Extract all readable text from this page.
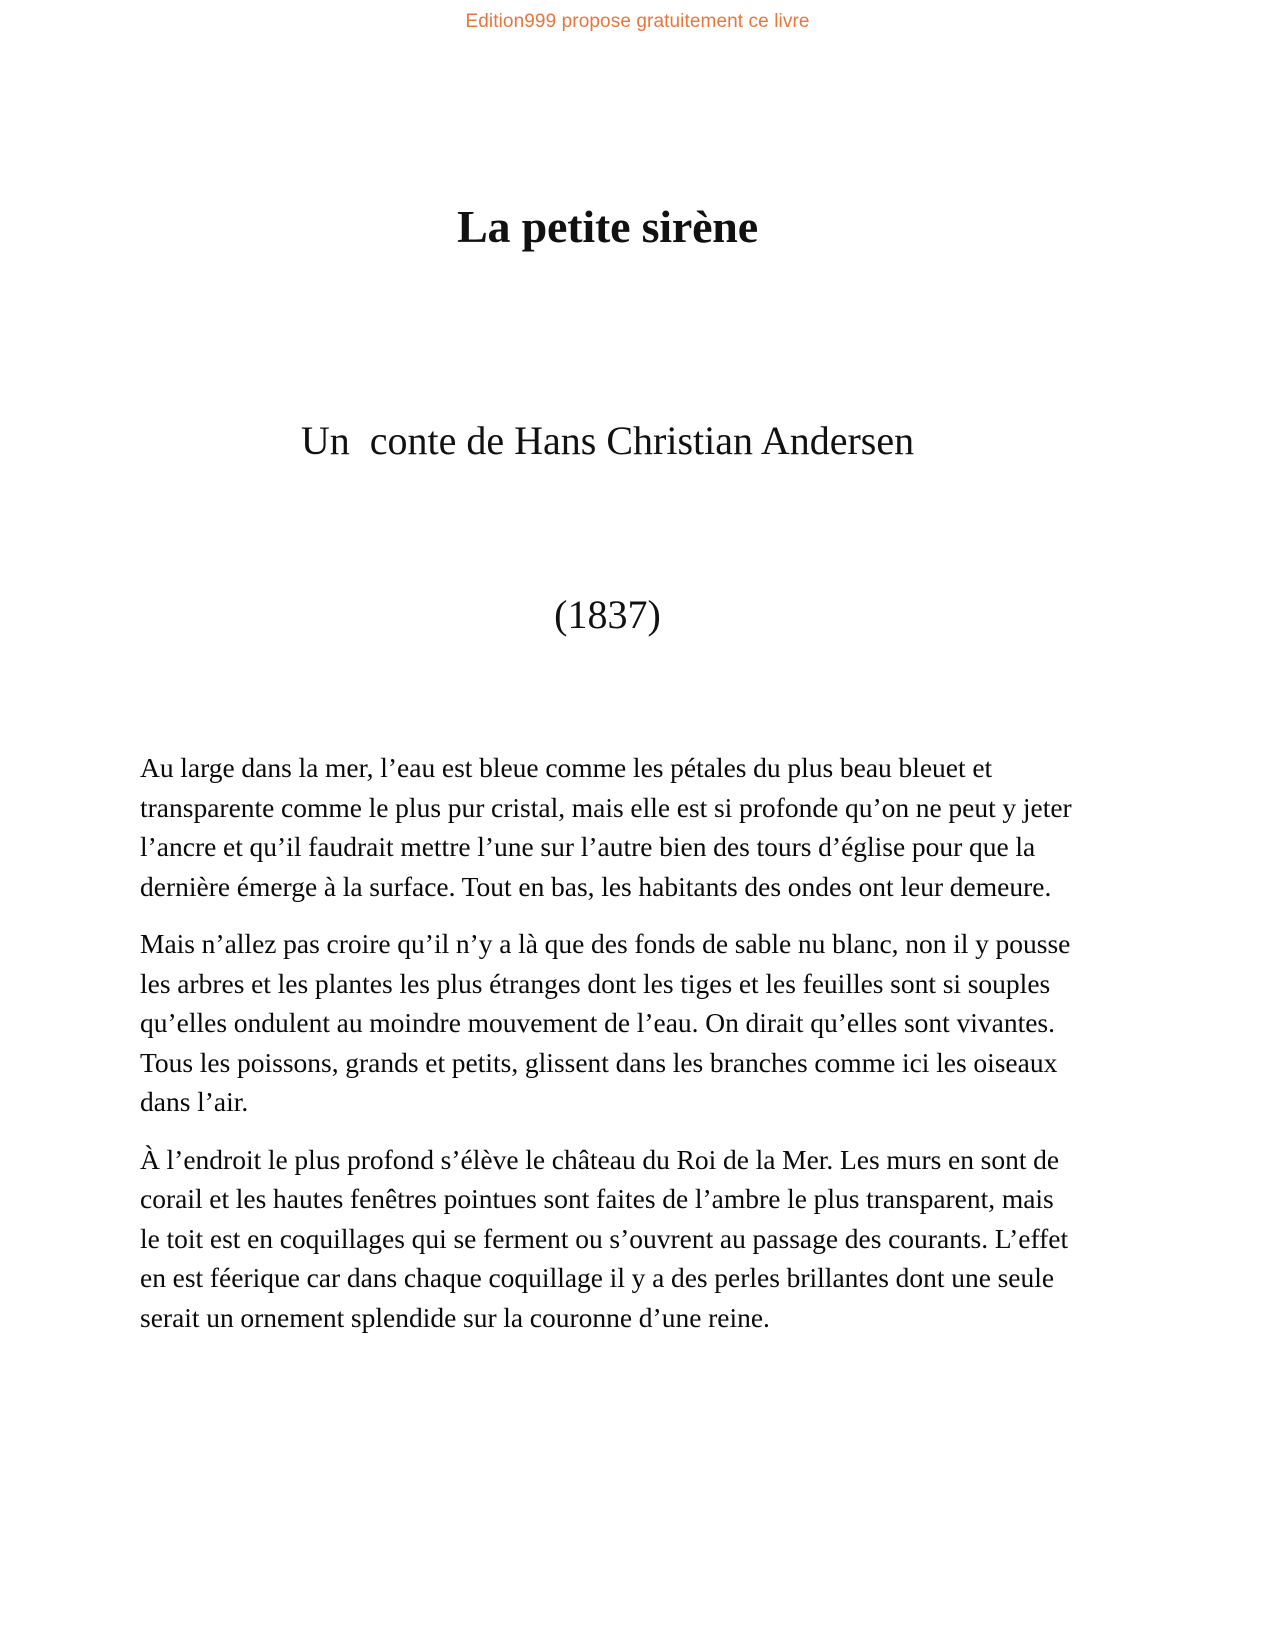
Edition999 propose gratuitement ce livre
La petite sirène

Un  conte de Hans Christian Andersen

(1837)

Au large dans la mer, l’eau est bleue comme les pétales du plus beau bleuet et transparente comme le plus pur cristal, mais elle est si profonde qu’on ne peut y jeter l’ancre et qu’il faudrait mettre l’une sur l’autre bien des tours d’église pour que la dernière émerge à la surface. Tout en bas, les habitants des ondes ont leur demeure.

Mais n’allez pas croire qu’il n’y a là que des fonds de sable nu blanc, non il y pousse les arbres et les plantes les plus étranges dont les tiges et les feuilles sont si souples qu’elles ondulent au moindre mouvement de l’eau. On dirait qu’elles sont vivantes. Tous les poissons, grands et petits, glissent dans les branches comme ici les oiseaux dans l’air.

À l’endroit le plus profond s’élève le château du Roi de la Mer. Les murs en sont de corail et les hautes fenêtres pointues sont faites de l’ambre le plus transparent, mais le toit est en coquillages qui se ferment ou s’ouvrent au passage des courants. L’effet en est féerique car dans chaque coquillage il y a des perles brillantes dont une seule serait un ornement splendide sur la couronne d’une reine.
